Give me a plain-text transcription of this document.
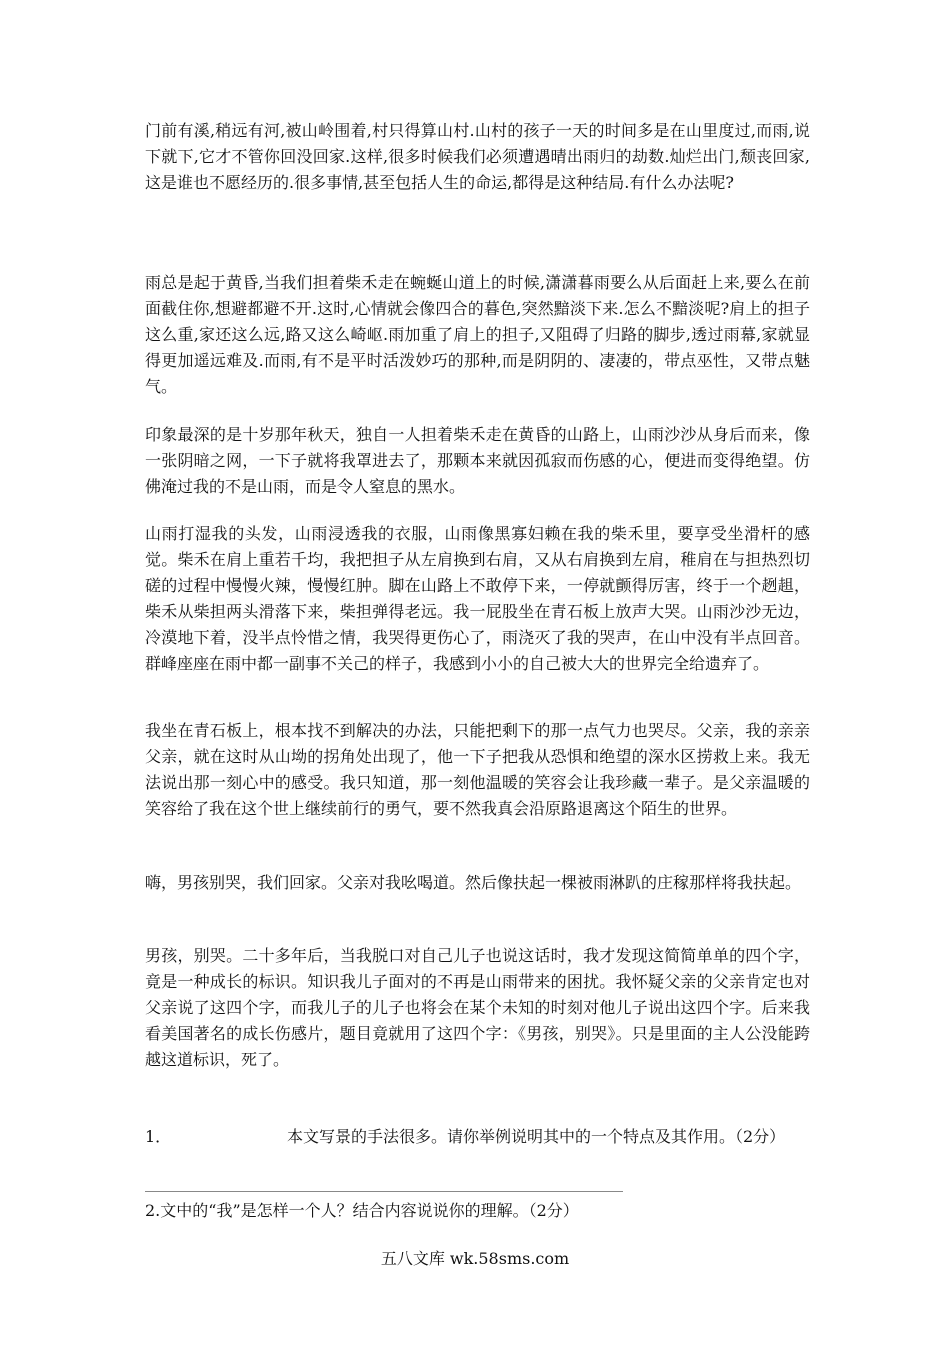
门前有溪,稍远有河,被山岭围着,村只得算山村.山村的孩子一天的时间多是在山里度过,而雨,说下就下,它才不管你回没回家.这样,很多时候我们必须遭遇晴出雨归的劫数.灿烂出门,颓丧回家,这是谁也不愿经历的.很多事情,甚至包括人生的命运,都得是这种结局.有什么办法呢?

雨总是起于黄昏,当我们担着柴禾走在蜿蜒山道上的时候,潇潇暮雨要么从后面赶上来,要么在前面截住你,想避都避不开.这时,心情就会像四合的暮色,突然黯淡下来.怎么不黯淡呢?肩上的担子这么重,家还这么远,路又这么崎岖.雨加重了肩上的担子,又阻碍了归路的脚步,透过雨幕,家就显得更加遥远难及.而雨,有不是平时活泼妙巧的那种,而是阴阴的、凄凄的，带点巫性，又带点魅气。

印象最深的是十岁那年秋天，独自一人担着柴禾走在黄昏的山路上，山雨沙沙从身后而来，像一张阴暗之网，一下子就将我罩进去了，那颗本来就因孤寂而伤感的心，便进而变得绝望。仿佛淹过我的不是山雨，而是令人窒息的黑水。

山雨打湿我的头发，山雨浸透我的衣服，山雨像黑寡妇赖在我的柴禾里，要享受坐滑杆的感觉。柴禾在肩上重若千均，我把担子从左肩换到右肩，又从右肩换到左肩，稚肩在与担热烈切磋的过程中慢慢火辣，慢慢红肿。脚在山路上不敢停下来，一停就颤得厉害，终于一个趔趄，柴禾从柴担两头滑落下来，柴担弹得老远。我一屁股坐在青石板上放声大哭。山雨沙沙无边，冷漠地下着，没半点怜惜之情，我哭得更伤心了，雨浇灭了我的哭声，在山中没有半点回音。群峰座座在雨中都一副事不关己的样子，我感到小小的自己被大大的世界完全给遗弃了。

我坐在青石板上，根本找不到解决的办法，只能把剩下的那一点气力也哭尽。父亲，我的亲亲父亲，就在这时从山坳的拐角处出现了，他一下子把我从恐惧和绝望的深水区捞救上来。我无法说出那一刻心中的感受。我只知道，那一刻他温暖的笑容会让我珍藏一辈子。是父亲温暖的笑容给了我在这个世上继续前行的勇气，要不然我真会沿原路退离这个陌生的世界。

嗨，男孩别哭，我们回家。父亲对我吆喝道。然后像扶起一棵被雨淋趴的庄稼那样将我扶起。

男孩，别哭。二十多年后，当我脱口对自己儿子也说这话时，我才发现这简简单单的四个字，竟是一种成长的标识。知识我儿子面对的不再是山雨带来的困扰。我怀疑父亲的父亲肯定也对父亲说了这四个字，而我儿子的儿子也将会在某个未知的时刻对他儿子说出这四个字。后来我看美国著名的成长伤感片，题目竟就用了这四个字：《男孩，别哭》。只是里面的主人公没能跨越这道标识，死了。

1．	本文写景的手法很多。请你举例说明其中的一个特点及其作用。（2分）

2.文中的“我”是怎样一个人？结合内容说说你的理解。（2分）

五八文库 wk.58sms.com
